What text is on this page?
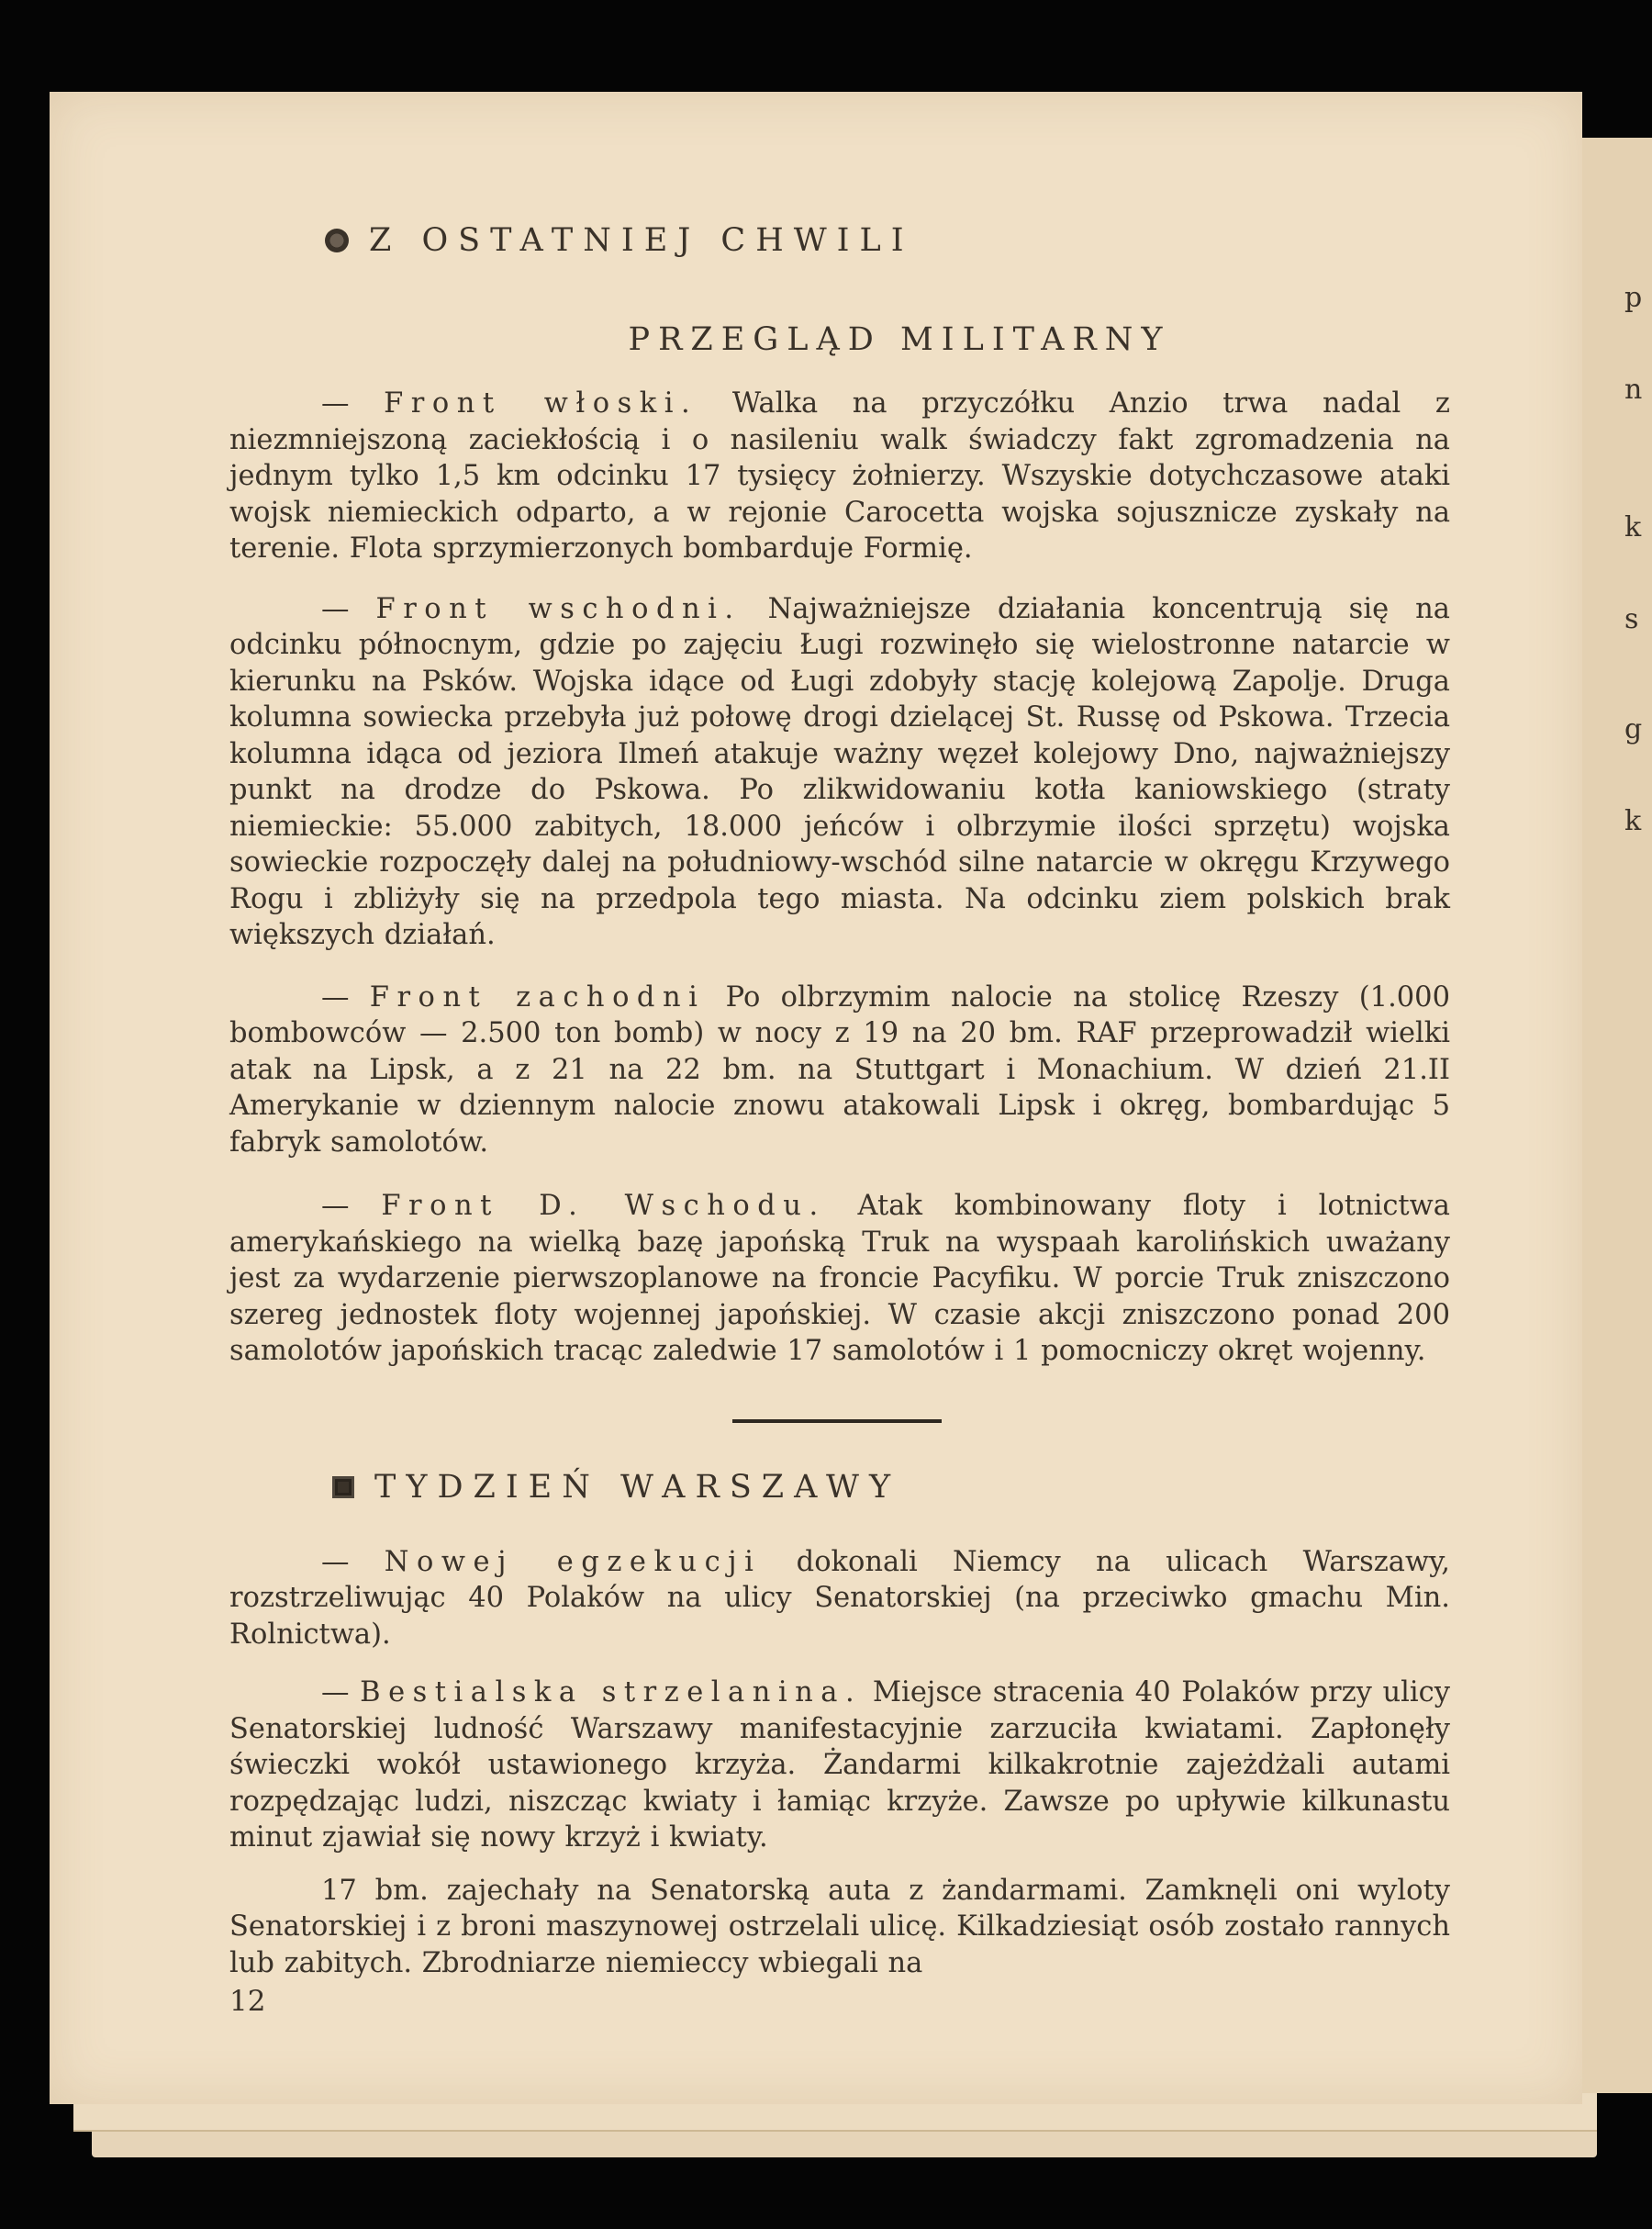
p
n
k
s
g
k
Z OSTATNIEJ CHWILI
PRZEGLĄD MILITARNY

— Front włoski. Walka na przyczółku Anzio trwa nadal z niezmniejszoną zaciekłością i o nasileniu walk świadczy fakt zgromadzenia na jednym tylko 1,5 km odcinku 17 tysięcy żołnierzy. Wszyskie dotychczasowe ataki wojsk niemieckich odparto, a w rejonie Carocetta wojska sojusznicze zyskały na terenie. Flota sprzymierzonych bombarduje Formię.

— Front wschodni. Najważniejsze działania koncentrują się na odcinku północnym, gdzie po zajęciu Ługi rozwinęło się wielostronne natarcie w kierunku na Psków. Wojska idące od Ługi zdobyły stację kolejową Zapolje. Druga kolumna sowiecka przebyła już połowę drogi dzielącej St. Russę od Pskowa. Trzecia kolumna idąca od jeziora Ilmeń atakuje ważny węzeł kolejowy Dno, najważniejszy punkt na drodze do Pskowa. Po zlikwidowaniu kotła kaniowskiego (straty niemieckie: 55.000 zabitych, 18.000 jeńców i olbrzymie ilości sprzętu) wojska sowieckie rozpoczęły dalej na południowy-wschód silne natarcie w okręgu Krzywego Rogu i zbliżyły się na przedpola tego miasta. Na odcinku ziem polskich brak większych działań.

— Front zachodni Po olbrzymim nalocie na stolicę Rzeszy (1.000 bombowców — 2.500 ton bomb) w nocy z 19 na 20 bm. RAF przeprowadził wielki atak na Lipsk, a z 21 na 22 bm. na Stuttgart i Monachium. W dzień 21.II Amerykanie w dziennym nalocie znowu atakowali Lipsk i okręg, bombardując 5 fabryk samolotów.

— Front D. Wschodu. Atak kombinowany floty i lotnictwa amerykańskiego na wielką bazę japońską Truk na wyspaah karolińskich uważany jest za wydarzenie pierwszoplanowe na froncie Pacyfiku. W porcie Truk zniszczono szereg jednostek floty wojennej japońskiej. W czasie akcji zniszczono ponad 200 samolotów japońskich tracąc zaledwie 17 samolotów i 1 pomocniczy okręt wojenny.

TYDZIEŃ WARSZAWY

— Nowej egzekucji dokonali Niemcy na ulicach Warszawy, rozstrzeliwując 40 Polaków na ulicy Senatorskiej (na przeciwko gmachu Min. Rolnictwa).

— Bestialska strzelanina. Miejsce stracenia 40 Polaków przy ulicy Senatorskiej ludność Warszawy manifestacyjnie zarzuciła kwiatami. Zapłonęły świeczki wokół ustawionego krzyża. Żandarmi kilkakrotnie zajeżdżali autami rozpędzając ludzi, niszcząc kwiaty i łamiąc krzyże. Zawsze po upływie kilkunastu minut zjawiał się nowy krzyż i kwiaty.

17 bm. zajechały na Senatorską auta z żandarmami. Zamknęli oni wyloty Senatorskiej i z broni maszynowej ostrzelali ulicę. Kilkadziesiąt osób zostało rannych lub zabitych. Zbrodniarze niemieccy wbiegali na

12
